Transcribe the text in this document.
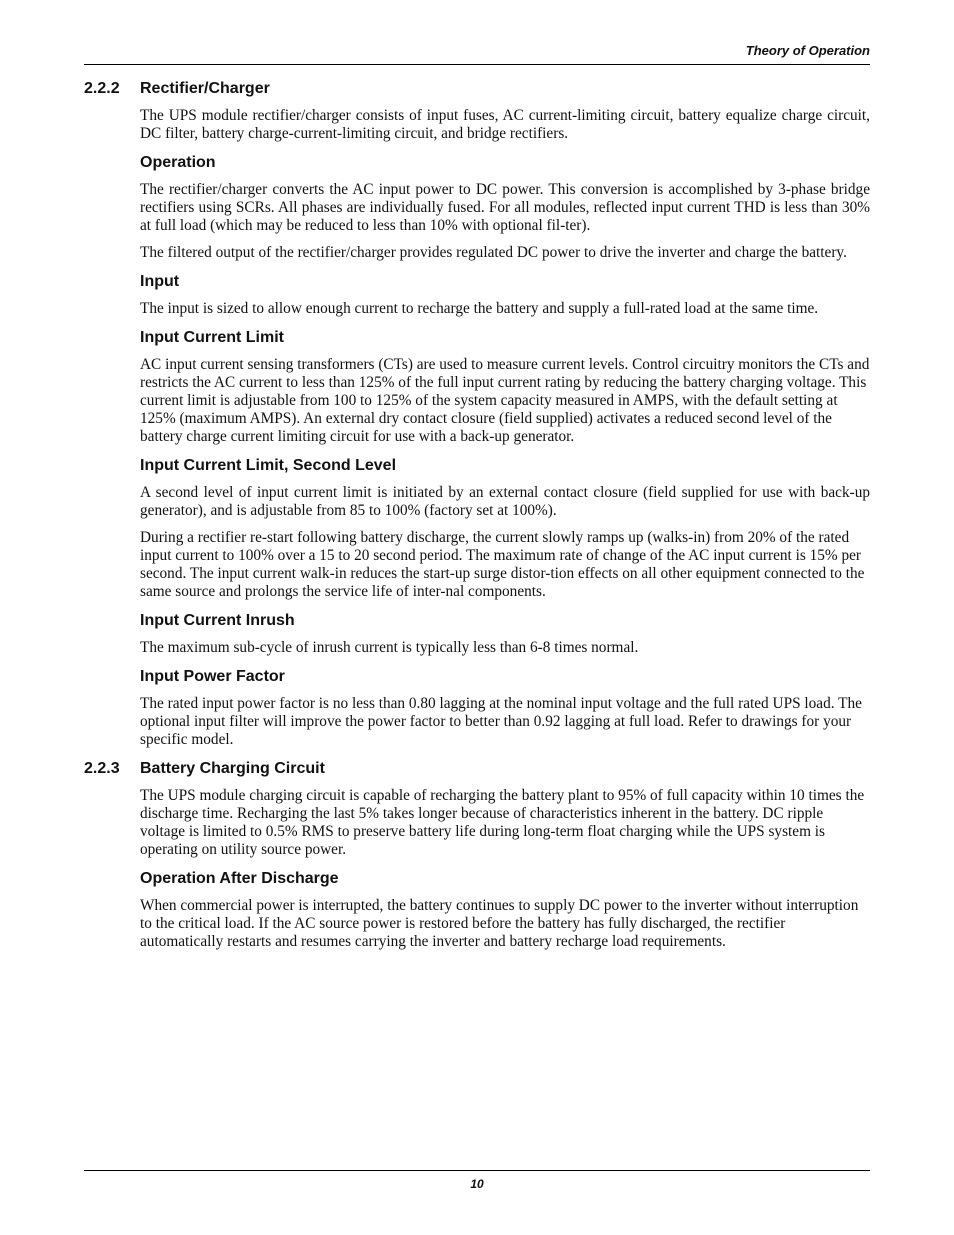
Theory of Operation
2.2.2	Rectifier/Charger

The UPS module rectifier/charger consists of input fuses, AC current-limiting circuit, battery equalize charge circuit, DC filter, battery charge-current-limiting circuit, and bridge rectifiers.

Operation

The rectifier/charger converts the AC input power to DC power. This conversion is accomplished by 3-phase bridge rectifiers using SCRs. All phases are individually fused. For all modules, reflected input current THD is less than 30% at full load (which may be reduced to less than 10% with optional fil-ter).

The filtered output of the rectifier/charger provides regulated DC power to drive the inverter and charge the battery.

Input

The input is sized to allow enough current to recharge the battery and supply a full-rated load at the same time.

Input Current Limit

AC input current sensing transformers (CTs) are used to measure current levels. Control circuitry monitors the CTs and restricts the AC current to less than 125% of the full input current rating by reducing the battery charging voltage. This current limit is adjustable from 100 to 125% of the system capacity measured in AMPS, with the default setting at 125% (maximum AMPS). An external dry contact closure (field supplied) activates a reduced second level of the battery charge current limiting circuit for use with a back-up generator.

Input Current Limit, Second Level

A second level of input current limit is initiated by an external contact closure (field supplied for use with back-up generator), and is adjustable from 85 to 100% (factory set at 100%).

During a rectifier re-start following battery discharge, the current slowly ramps up (walks-in) from 20% of the rated input current to 100% over a 15 to 20 second period. The maximum rate of change of the AC input current is 15% per second. The input current walk-in reduces the start-up surge distor-tion effects on all other equipment connected to the same source and prolongs the service life of inter-nal components.

Input Current Inrush

The maximum sub-cycle of inrush current is typically less than 6-8 times normal.

Input Power Factor

The rated input power factor is no less than 0.80 lagging at the nominal input voltage and the full rated UPS load. The optional input filter will improve the power factor to better than 0.92 lagging at full load. Refer to drawings for your specific model.

2.2.3	Battery Charging Circuit

The UPS module charging circuit is capable of recharging the battery plant to 95% of full capacity within 10 times the discharge time. Recharging the last 5% takes longer because of characteristics inherent in the battery. DC ripple voltage is limited to 0.5% RMS to preserve battery life during long-term float charging while the UPS system is operating on utility source power.

Operation After Discharge

When commercial power is interrupted, the battery continues to supply DC power to the inverter without interruption to the critical load. If the AC source power is restored before the battery has fully discharged, the rectifier automatically restarts and resumes carrying the inverter and battery recharge load requirements.

10
